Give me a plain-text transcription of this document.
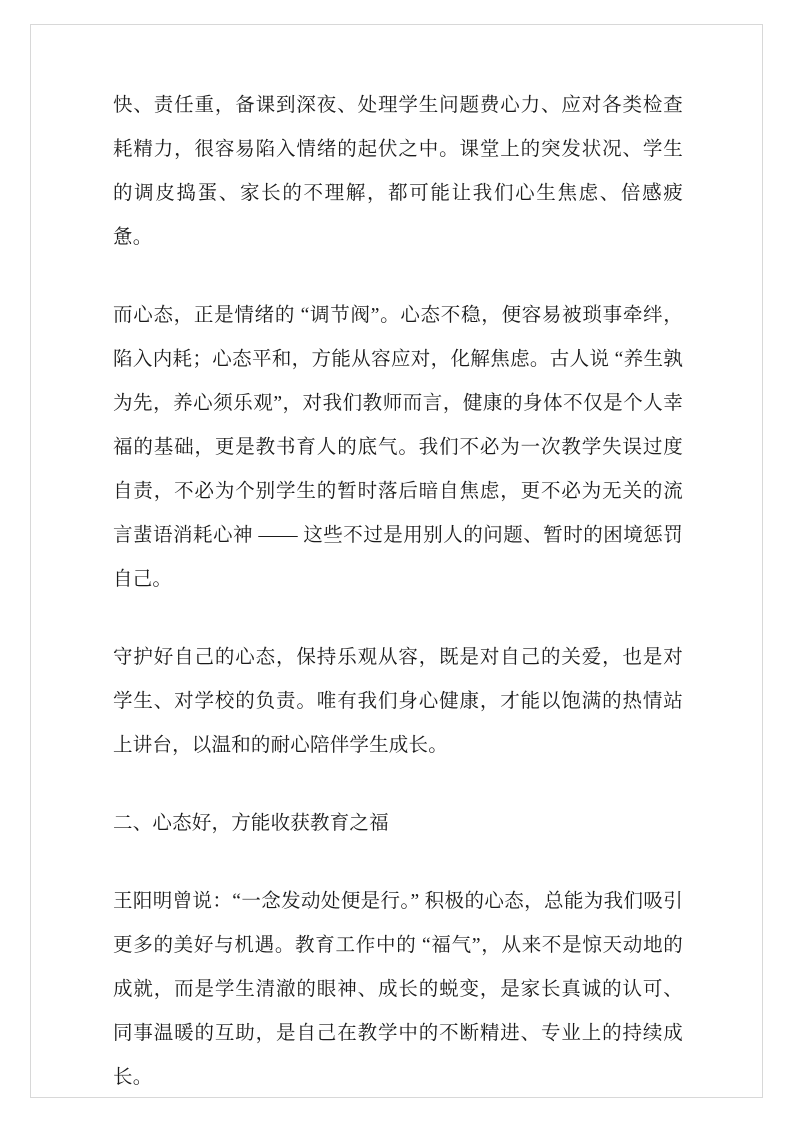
快、责任重，备课到深夜、处理学生问题费心力、应对各类检查耗精力，很容易陷入情绪的起伏之中。课堂上的突发状况、学生的调皮捣蛋、家长的不理解，都可能让我们心生焦虑、倍感疲惫。

而心态，正是情绪的 “调节阀”。心态不稳，便容易被琐事牵绊，陷入内耗；心态平和，方能从容应对，化解焦虑。古人说 “养生孰为先，养心须乐观”，对我们教师而言，健康的身体不仅是个人幸福的基础，更是教书育人的底气。我们不必为一次教学失误过度自责，不必为个别学生的暂时落后暗自焦虑，更不必为无关的流言蜚语消耗心神 —— 这些不过是用别人的问题、暂时的困境惩罚自己。

守护好自己的心态，保持乐观从容，既是对自己的关爱，也是对学生、对学校的负责。唯有我们身心健康，才能以饱满的热情站上讲台，以温和的耐心陪伴学生成长。

二、心态好，方能收获教育之福

王阳明曾说：“一念发动处便是行。” 积极的心态，总能为我们吸引更多的美好与机遇。教育工作中的 “福气”，从来不是惊天动地的成就，而是学生清澈的眼神、成长的蜕变，是家长真诚的认可、同事温暖的互助，是自己在教学中的不断精进、专业上的持续成长。
